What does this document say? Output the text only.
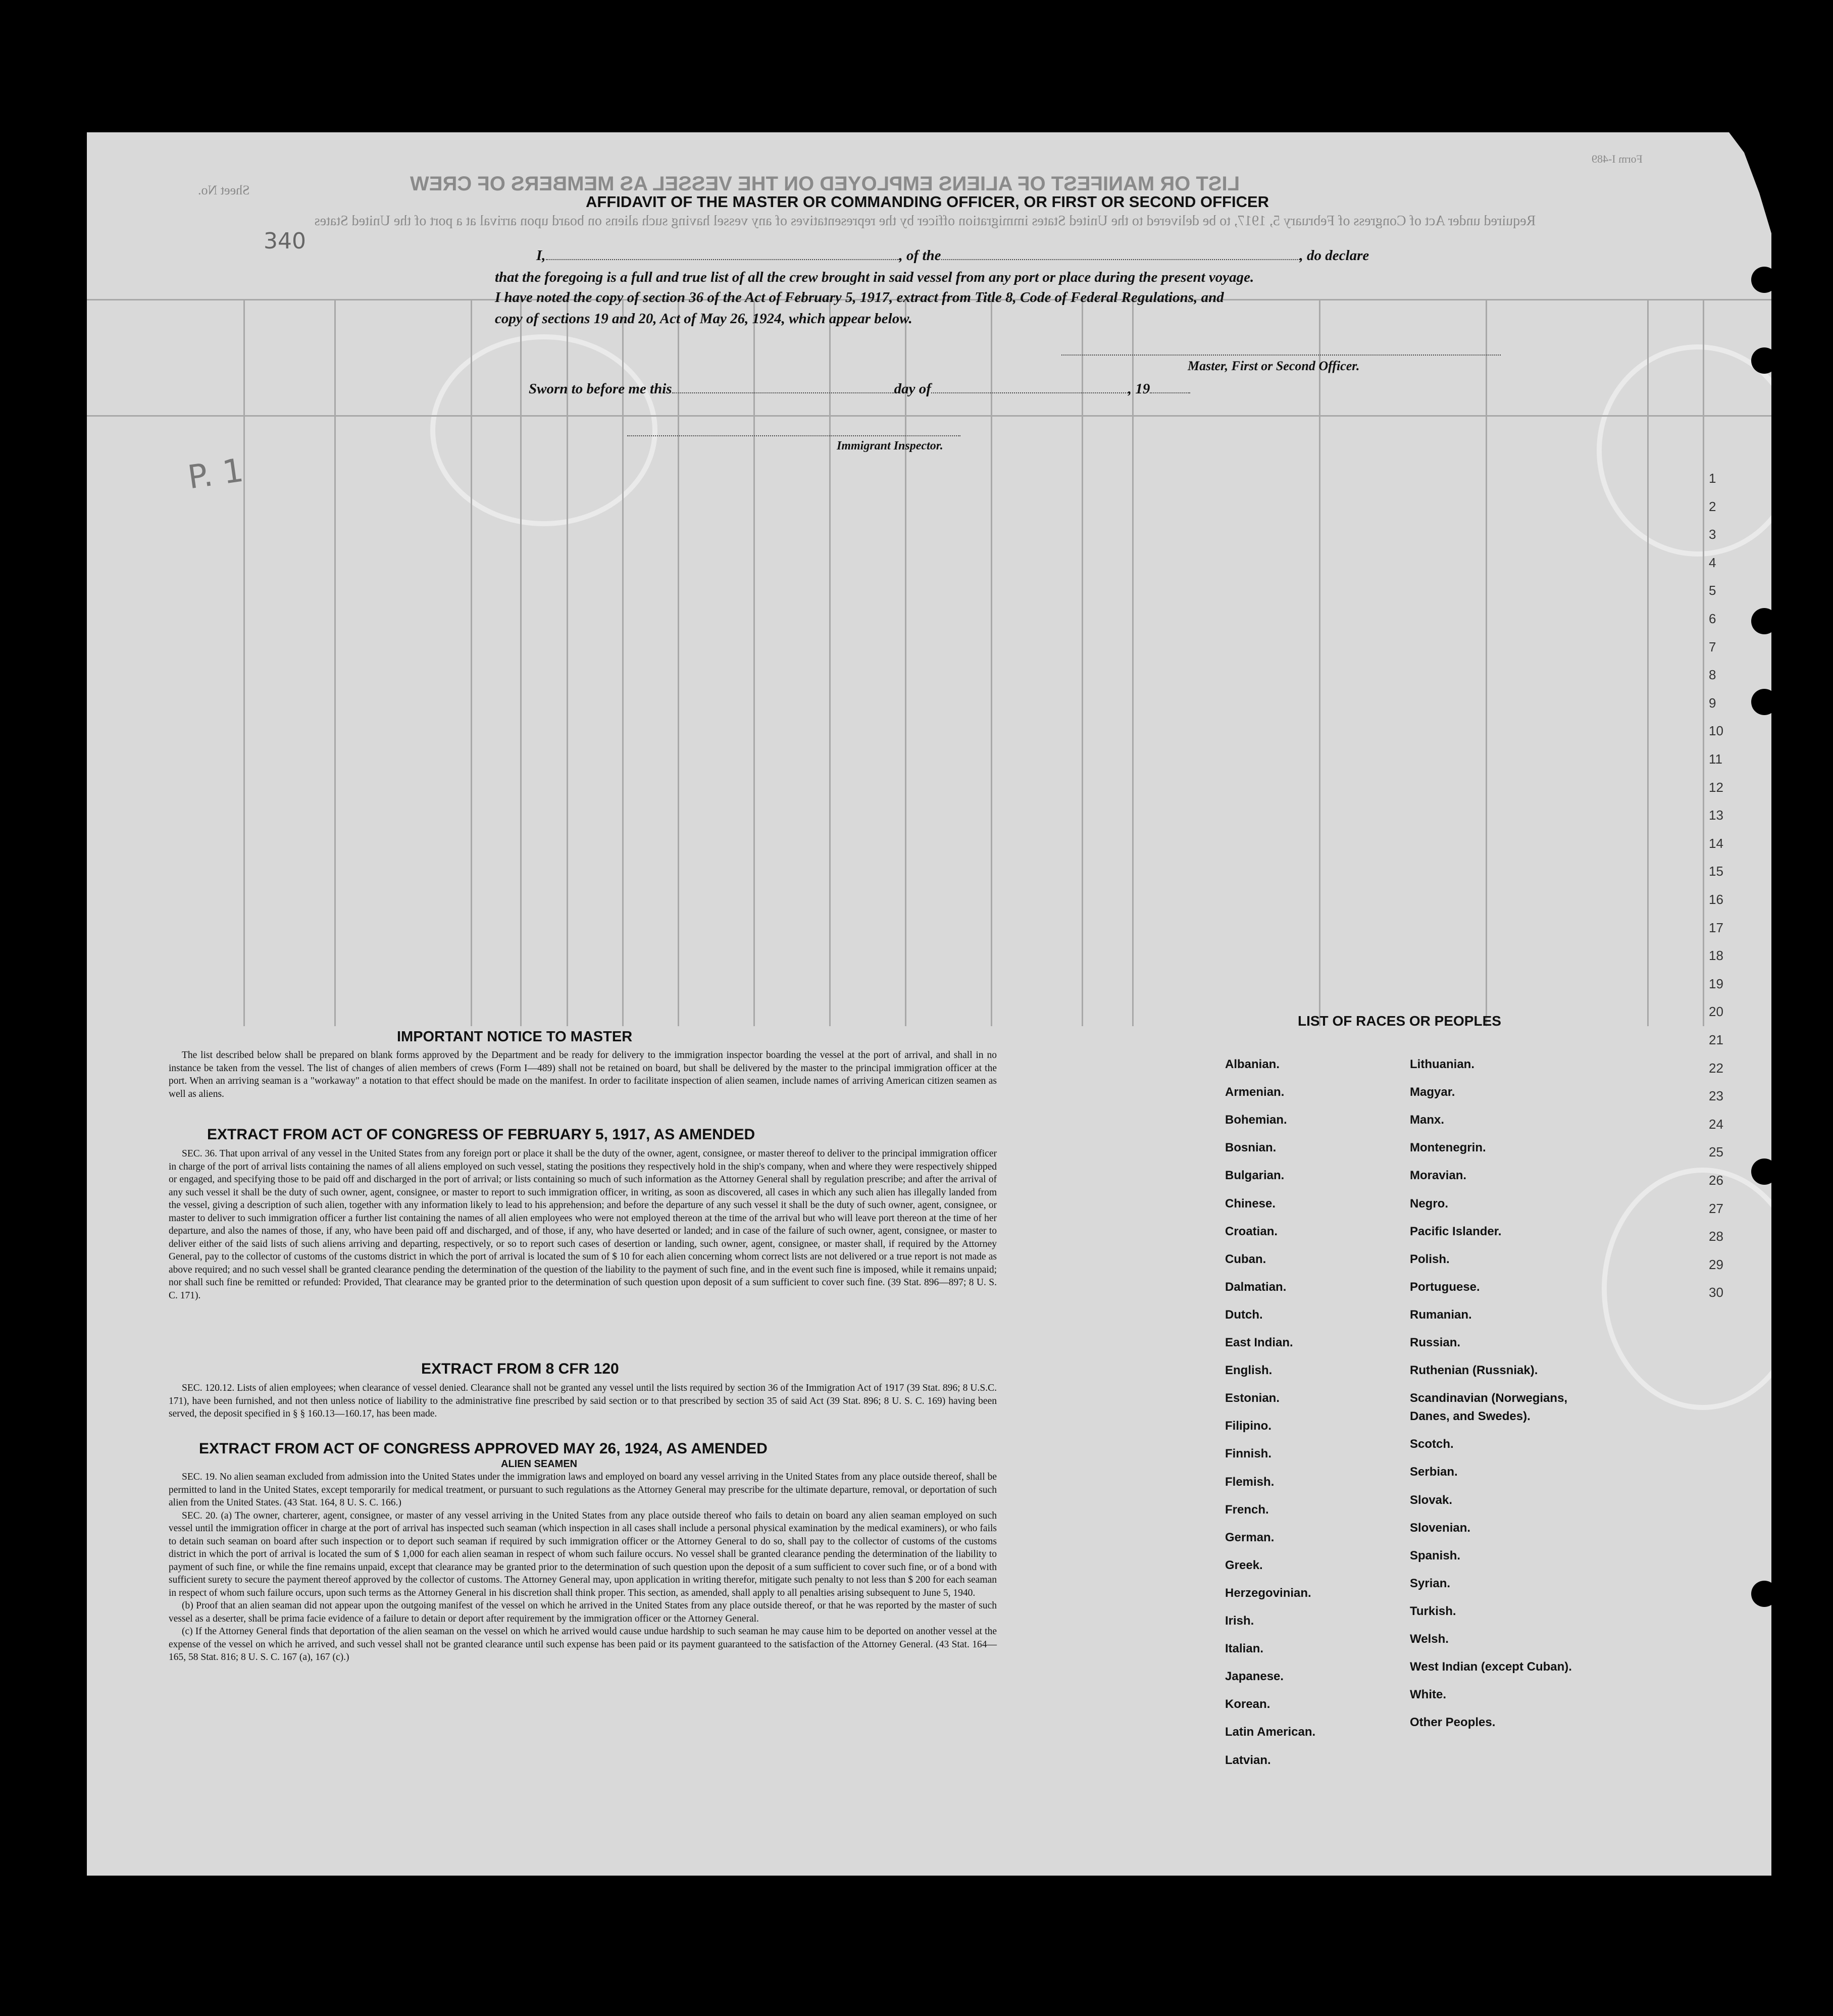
LIST OR MANIFEST OF ALIENS EMPLOYED ON THE VESSEL AS MEMBERS OF CREW
Required under Act of Congress of February 5, 1917, to be delivered to the United States immigration officer by the representatives of any vessel having such aliens on board upon arrival at a port of the United States
Sheet No.
Form I-489
1
2
3
4
5
6
7
8
9
10
11
12
13
14
15
16
17
18
19
20
21
22
23
24
25
26
27
28
29
30
340
P. 1
AFFIDAVIT OF THE MASTER OR COMMANDING OFFICER, OR FIRST OR SECOND OFFICER
I,	, of the	, do declare
that the foregoing is a full and true list of all the crew brought in said vessel from any port or place during the present voyage.
I have noted the copy of section 36 of the Act of February 5, 1917, extract from Title 8, Code of Federal Regulations, and
copy of sections 19 and 20, Act of May 26, 1924, which appear below.
Master, First or Second Officer.
Sworn to before me this	day of	, 19
Immigrant Inspector.
IMPORTANT NOTICE TO MASTER

The list described below shall be prepared on blank forms approved by the Department and be ready for delivery to the immigration inspector boarding the vessel at the port of arrival, and shall in no instance be taken from the vessel. The list of changes of alien members of crews (Form I—489) shall not be retained on board, but shall be delivered by the master to the principal immigration officer at the port. When an arriving seaman is a "workaway" a notation to that effect should be made on the manifest. In order to facilitate inspection of alien seamen, include names of arriving American citizen seamen as well as aliens.

EXTRACT FROM ACT OF CONGRESS OF FEBRUARY 5, 1917, AS AMENDED

SEC. 36. That upon arrival of any vessel in the United States from any foreign port or place it shall be the duty of the owner, agent, consignee, or master thereof to deliver to the principal immigration officer in charge of the port of arrival lists containing the names of all aliens employed on such vessel, stating the positions they respectively hold in the ship's company, when and where they were respectively shipped or engaged, and specifying those to be paid off and discharged in the port of arrival; or lists containing so much of such information as the Attorney General shall by regulation prescribe; and after the arrival of any such vessel it shall be the duty of such owner, agent, consignee, or master to report to such immigration officer, in writing, as soon as discovered, all cases in which any such alien has illegally landed from the vessel, giving a description of such alien, together with any information likely to lead to his apprehension; and before the departure of any such vessel it shall be the duty of such owner, agent, consignee, or master to deliver to such immigration officer a further list containing the names of all alien employees who were not employed thereon at the time of the arrival but who will leave port thereon at the time of her departure, and also the names of those, if any, who have been paid off and discharged, and of those, if any, who have deserted or landed; and in case of the failure of such owner, agent, consignee, or master to deliver either of the said lists of such aliens arriving and departing, respectively, or so to report such cases of desertion or landing, such owner, agent, consignee, or master shall, if required by the Attorney General, pay to the collector of customs of the customs district in which the port of arrival is located the sum of $ 10 for each alien concerning whom correct lists are not delivered or a true report is not made as above required; and no such vessel shall be granted clearance pending the determination of the question of the liability to the payment of such fine, and in the event such fine is imposed, while it remains unpaid; nor shall such fine be remitted or refunded: Provided, That clearance may be granted prior to the determination of such question upon deposit of a sum sufficient to cover such fine. (39 Stat. 896—897; 8 U. S. C. 171).

EXTRACT FROM 8 CFR 120

SEC. 120.12. Lists of alien employees; when clearance of vessel denied. Clearance shall not be granted any vessel until the lists required by section 36 of the Immigration Act of 1917 (39 Stat. 896; 8 U.S.C. 171), have been furnished, and not then unless notice of liability to the administrative fine prescribed by said section or to that prescribed by section 35 of said Act (39 Stat. 896; 8 U. S. C. 169) having been served, the deposit specified in § § 160.13—160.17, has been made.

EXTRACT FROM ACT OF CONGRESS APPROVED MAY 26, 1924, AS AMENDED
ALIEN SEAMEN

SEC. 19. No alien seaman excluded from admission into the United States under the immigration laws and employed on board any vessel arriving in the United States from any place outside thereof, shall be permitted to land in the United States, except temporarily for medical treatment, or pursuant to such regulations as the Attorney General may prescribe for the ultimate departure, removal, or deportation of such alien from the United States. (43 Stat. 164, 8 U. S. C. 166.)

SEC. 20. (a) The owner, charterer, agent, consignee, or master of any vessel arriving in the United States from any place outside thereof who fails to detain on board any alien seaman employed on such vessel until the immigration officer in charge at the port of arrival has inspected such seaman (which inspection in all cases shall include a personal physical examination by the medical examiners), or who fails to detain such seaman on board after such inspection or to deport such seaman if required by such immigration officer or the Attorney General to do so, shall pay to the collector of customs of the customs district in which the port of arrival is located the sum of $ 1,000 for each alien seaman in respect of whom such failure occurs. No vessel shall be granted clearance pending the determination of the liability to payment of such fine, or while the fine remains unpaid, except that clearance may be granted prior to the determination of such question upon the deposit of a sum sufficient to cover such fine, or of a bond with sufficient surety to secure the payment thereof approved by the collector of customs. The Attorney General may, upon application in writing therefor, mitigate such penalty to not less than $ 200 for each seaman in respect of whom such failure occurs, upon such terms as the Attorney General in his discretion shall think proper. This section, as amended, shall apply to all penalties arising subsequent to June 5, 1940.

(b) Proof that an alien seaman did not appear upon the outgoing manifest of the vessel on which he arrived in the United States from any place outside thereof, or that he was reported by the master of such vessel as a deserter, shall be prima facie evidence of a failure to detain or deport after requirement by the immigration officer or the Attorney General.

(c) If the Attorney General finds that deportation of the alien seaman on the vessel on which he arrived would cause undue hardship to such seaman he may cause him to be deported on another vessel at the expense of the vessel on which he arrived, and such vessel shall not be granted clearance until such expense has been paid or its payment guaranteed to the satisfaction of the Attorney General. (43 Stat. 164—165, 58 Stat. 816; 8 U. S. C. 167 (a), 167 (c).)

LIST OF RACES OR PEOPLES
Albanian.
Armenian.
Bohemian.
Bosnian.
Bulgarian.
Chinese.
Croatian.
Cuban.
Dalmatian.
Dutch.
East Indian.
English.
Estonian.
Filipino.
Finnish.
Flemish.
French.
German.
Greek.
Herzegovinian.
Irish.
Italian.
Japanese.
Korean.
Latin American.
Latvian.
Lithuanian.
Magyar.
Manx.
Montenegrin.
Moravian.
Negro.
Pacific Islander.
Polish.
Portuguese.
Rumanian.
Russian.
Ruthenian (Russniak).
Scandinavian (Norwegians,
Danes, and Swedes).
Scotch.
Serbian.
Slovak.
Slovenian.
Spanish.
Syrian.
Turkish.
Welsh.
West Indian (except Cuban).
White.
Other Peoples.
